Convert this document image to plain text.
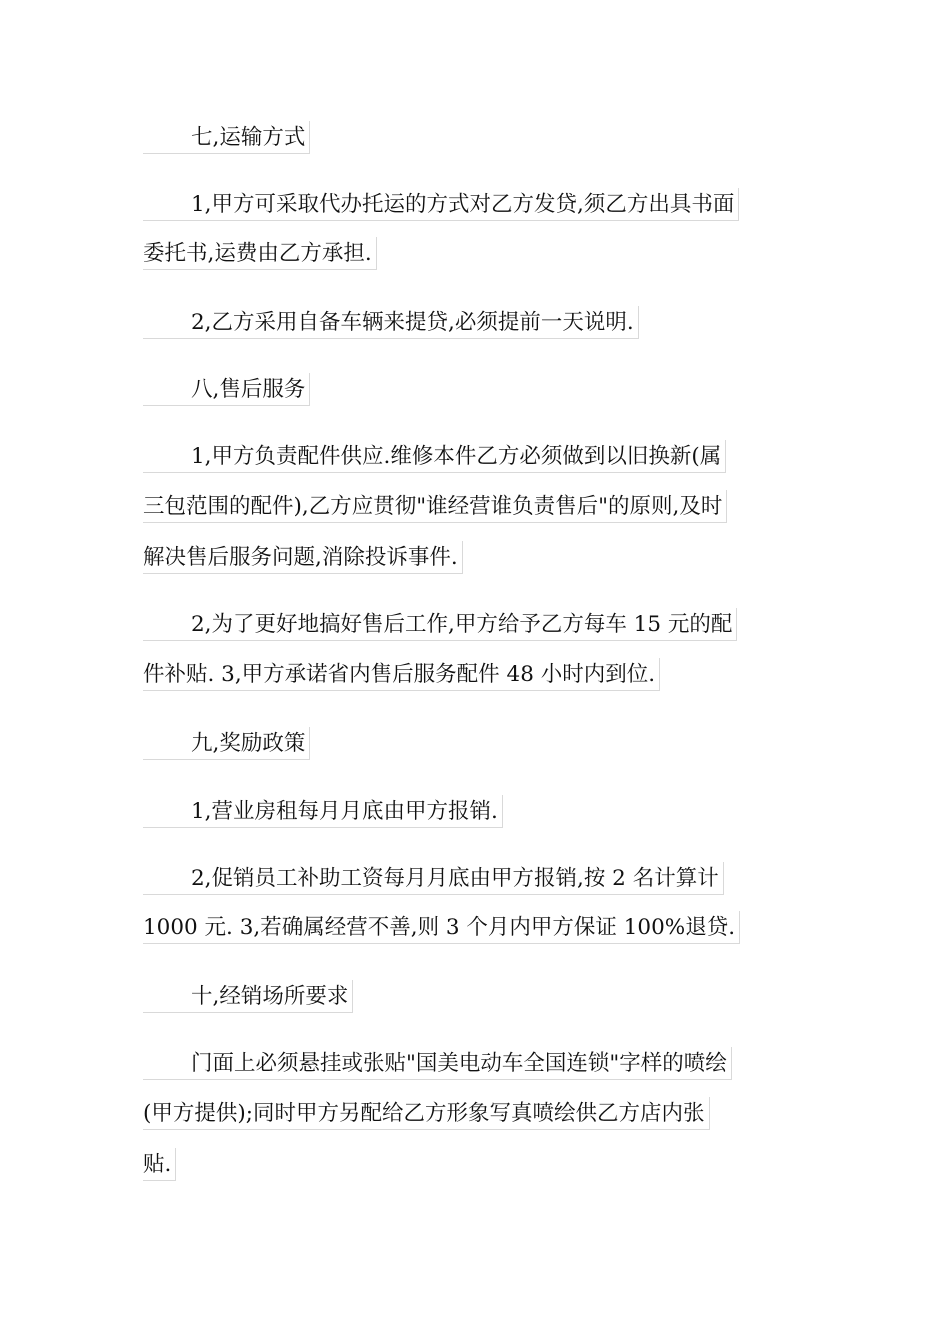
七,运输方式
1,甲方可采取代办托运的方式对乙方发贷,须乙方出具书面
委托书,运费由乙方承担.
2,乙方采用自备车辆来提贷,必须提前一天说明.
八,售后服务
1,甲方负责配件供应.维修本件乙方必须做到以旧换新(属
三包范围的配件),乙方应贯彻"谁经营谁负责售后"的原则,及时
解决售后服务问题,消除投诉事件.
2,为了更好地搞好售后工作,甲方给予乙方每车 15 元的配
件补贴. 3,甲方承诺省内售后服务配件 48 小时内到位.
九,奖励政策
1,营业房租每月月底由甲方报销.
2,促销员工补助工资每月月底由甲方报销,按 2 名计算计
1000 元. 3,若确属经营不善,则 3 个月内甲方保证 100%退贷.
十,经销场所要求
门面上必须悬挂或张贴"国美电动车全国连锁"字样的喷绘
(甲方提供);同时甲方另配给乙方形象写真喷绘供乙方店内张
贴.
